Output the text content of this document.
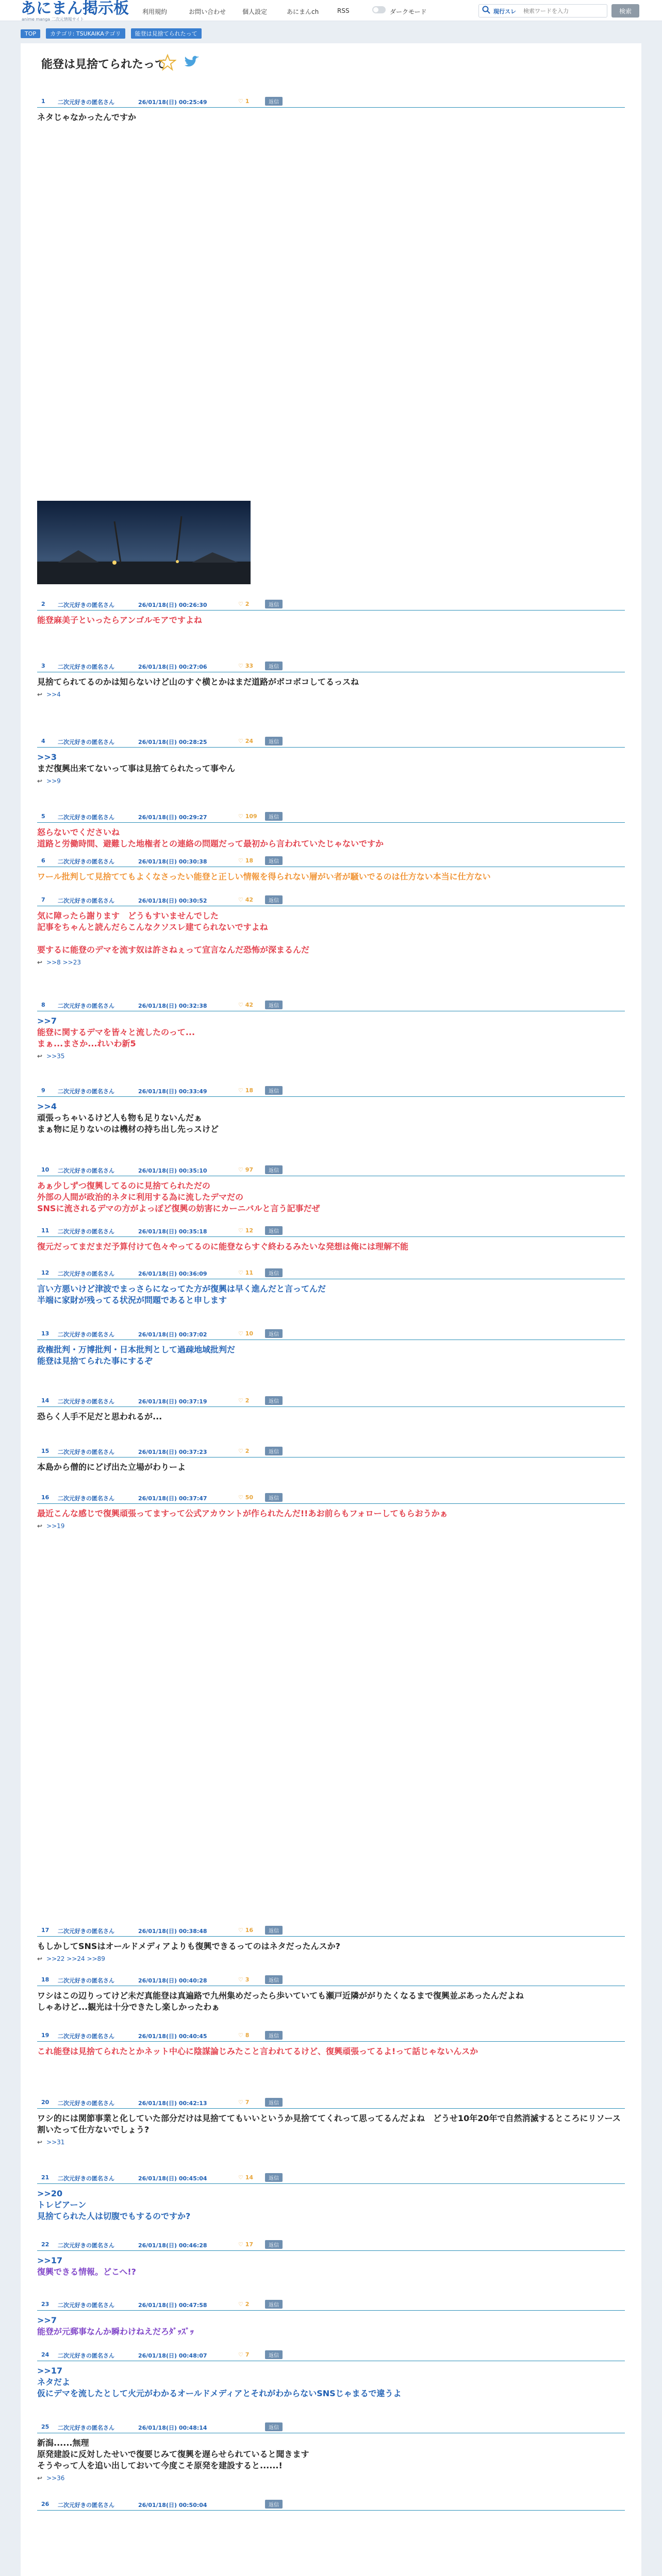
あにまん掲示板
anime manga 二次元情報サイト
利用規約	お問い合わせ	個人設定	あにまんch	RSS	ダークモード	現行スレ
検索ワードを入力	検索
TOP カテゴリ: TSUKAIKAテゴリ 能登は見捨てられたって
能登は見捨てられたって
1 二次元好きの匿名さん	26/01/18(日) 00:25:49	♡ 1	返信
ネタじゃなかったんですか
2 二次元好きの匿名さん	26/01/18(日) 00:26:30	♡ 2	返信
能登麻美子といったらアンゴルモアですよね
3 二次元好きの匿名さん	26/01/18(日) 00:27:06	♡ 33	返信
見捨てられてるのかは知らないけど山のすぐ横とかはまだ道路がボコボコしてるっスね
↩ >>4
4 二次元好きの匿名さん	26/01/18(日) 00:28:25	♡ 24	返信
>>3
まだ復興出来てないって事は見捨てられたって事やん
↩ >>9
5 二次元好きの匿名さん	26/01/18(日) 00:29:27	♡ 109	返信
怒らないでくださいね
道路と労働時間、避難した地権者との連絡の問題だって最初から言われていたじゃないですか
6 二次元好きの匿名さん	26/01/18(日) 00:30:38	♡ 18	返信
ワール批判して見捨ててもよくなさったい能登と正しい情報を得られない層がい者が騒いでるのは仕方ない本当に仕方ない
7 二次元好きの匿名さん	26/01/18(日) 00:30:52	♡ 42	返信
気に障ったら謝ります　どうもすいませんでした
記事をちゃんと読んだらこんなクソスレ建てられないですよね

要するに能登のデマを流す奴は許さねぇって宣言なんだ恐怖が深まるんだ
↩ >>8 >>23
8 二次元好きの匿名さん	26/01/18(日) 00:32:38	♡ 42	返信
>>7
能登に関するデマを皆々と流したのって...
まぁ...まさか...れいわ新5
↩ >>35
9 二次元好きの匿名さん	26/01/18(日) 00:33:49	♡ 18	返信
>>4
頑張っちゃいるけど人も物も足りないんだぁ
まぁ物に足りないのは機材の持ち出し先っスけど
10 二次元好きの匿名さん	26/01/18(日) 00:35:10	♡ 97	返信
あぁ少しずつ復興してるのに見捨てられただの
外部の人間が政治的ネタに利用する為に流したデマだの
SNSに流されるデマの方がよっぽど復興の妨害にカーニバルと言う記事だぜ
11 二次元好きの匿名さん	26/01/18(日) 00:35:18	♡ 12	返信
復元だってまだまだ予算付けて色々やってるのに能登ならすぐ終わるみたいな発想は俺には理解不能
12 二次元好きの匿名さん	26/01/18(日) 00:36:09	♡ 11	返信
言い方悪いけど津波でまっさらになってた方が復興は早く進んだと言ってんだ
半端に家財が残ってる状況が問題であると申します
13 二次元好きの匿名さん	26/01/18(日) 00:37:02	♡ 10	返信
政権批判・万博批判・日本批判として過疎地域批判だ
能登は見捨てられた事にするぞ
14 二次元好きの匿名さん	26/01/18(日) 00:37:19	♡ 2	返信
恐らく人手不足だと思われるが...
15 二次元好きの匿名さん	26/01/18(日) 00:37:23	♡ 2	返信
本島から僧的にどげ出た立場がわりーよ
16 二次元好きの匿名さん	26/01/18(日) 00:37:47	♡ 50	返信
最近こんな感じで復興頑張ってますって公式アカウントが作られたんだ!!あお前らもフォローしてもらおうかぁ
↩ >>19
17 二次元好きの匿名さん	26/01/18(日) 00:38:48	♡ 16	返信
もしかしてSNSはオールドメディアよりも復興できるってのはネタだったんスか?
↩ >>22 >>24 >>89
18 二次元好きの匿名さん	26/01/18(日) 00:40:28	♡ 3	返信
ワシはこの辺りってけど未だ真能登は真遍路で九州集めだったら歩いていても瀬戸近隣ががりたくなるまで復興並ぶあったんだよね
しゃあけど...観光は十分できたし楽しかったわぁ
19 二次元好きの匿名さん	26/01/18(日) 00:40:45	♡ 8	返信
これ能登は見捨てられたとかネット中心に陰謀論じみたこと言われてるけど、復興頑張ってるよ!って話じゃないんスか
20 二次元好きの匿名さん	26/01/18(日) 00:42:13	♡ 7	返信
ワシ的には関節事業と化していた部分だけは見捨ててもいいというか見捨ててくれって思ってるんだよね　どうせ10年20年で自然消滅するところにリソース割いたって仕方ないでしょう?
↩ >>31
21 二次元好きの匿名さん	26/01/18(日) 00:45:04	♡ 14	返信
>>20
トレビアーン
見捨てられた人は切腹でもするのですか?
22 二次元好きの匿名さん	26/01/18(日) 00:46:28	♡ 17	返信
>>17
復興できる情報。どこへ!?
23 二次元好きの匿名さん	26/01/18(日) 00:47:58	♡ 2	返信
>>7
能登が元郵事なんか瞬わけねえだろﾀﾞｯｽﾞｯ
24 二次元好きの匿名さん	26/01/18(日) 00:48:07	♡ 7	返信
>>17
ネタだよ
仮にデマを流したとして火元がわかるオールドメディアとそれがわからないSNSじゃまるで違うよ
25 二次元好きの匿名さん	26/01/18(日) 00:48:14	返信
新潟......無理
原発建設に反対したせいで復要じみて復興を遅らせられていると聞きます
そうやって人を追い出しておいて今度こそ原発を建設すると......!
↩ >>36
26 二次元好きの匿名さん	26/01/18(日) 00:50:04	返信
